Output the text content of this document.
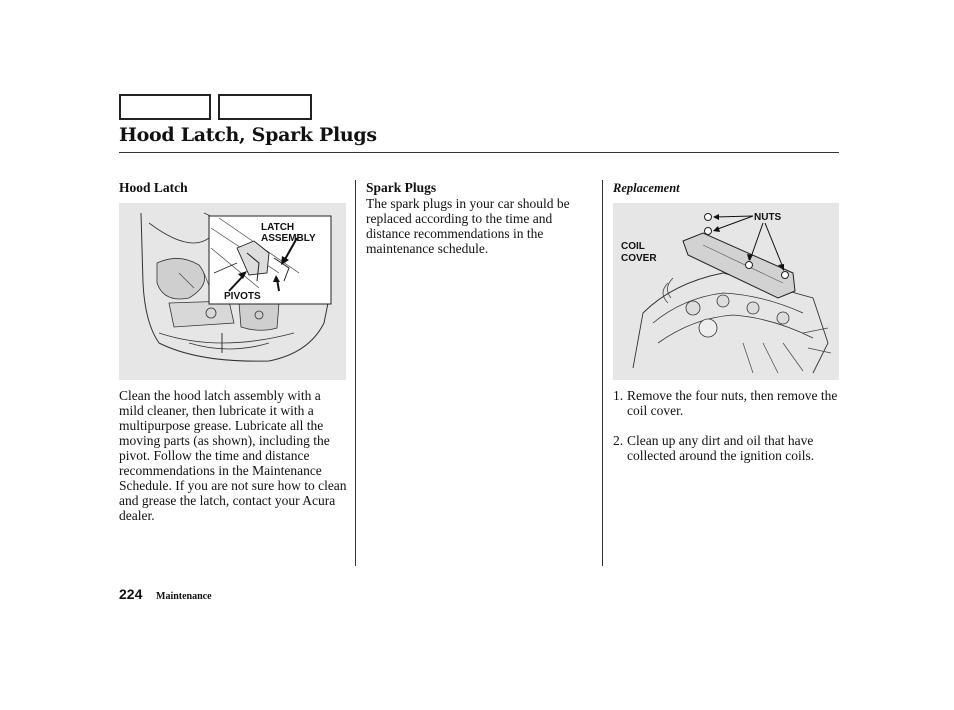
Hood Latch, Spark Plugs
Hood Latch
LATCH
ASSEMBLY
PIVOTS
Clean the hood latch assembly with a mild cleaner, then lubricate it with a multipurpose grease. Lubricate all the moving parts (as shown), including the pivot. Follow the time and distance recommendations in the Maintenance Schedule. If you are not sure how to clean and grease the latch, contact your Acura dealer.
Spark Plugs
The spark plugs in your car should be replaced according to the time and distance recommendations in the maintenance schedule.
Replacement
NUTS
COIL
COVER
1. Remove the four nuts, then remove the coil cover.
2. Clean up any dirt and oil that have collected around the ignition coils.
224 Maintenance
